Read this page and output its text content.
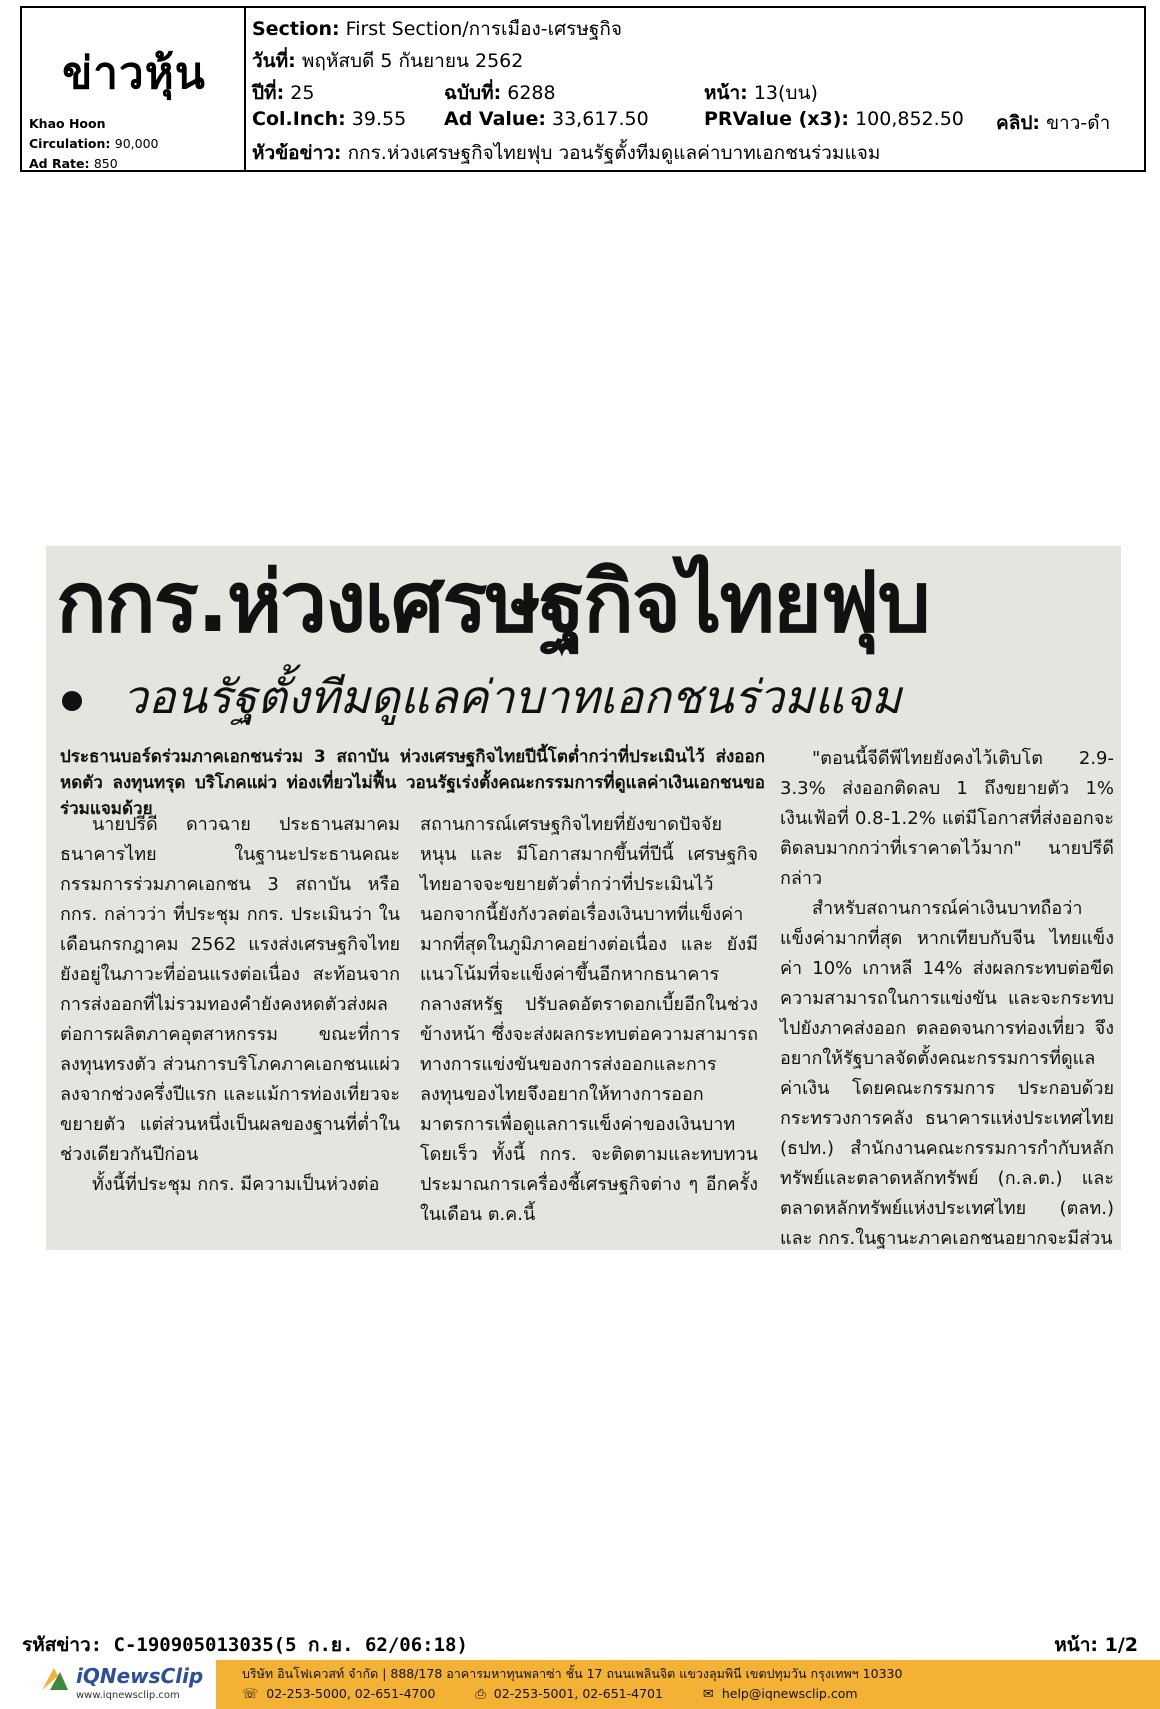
ข่าวหุ้น
Khao Hoon
Circulation: 90,000
Ad Rate: 850
Section: First Section/การเมือง-เศรษฐกิจ
วันที่: พฤหัสบดี 5 กันยายน 2562
ปีที่: 25	ฉบับที่: 6288	หน้า: 13(บน)
Col.Inch: 39.55 Ad Value: 33,617.50	PRValue (x3): 100,852.50 คลิป: ขาว-ดำ
หัวข้อข่าว: กกร.ห่วงเศรษฐกิจไทยฟุบ วอนรัฐตั้งทีมดูแลค่าบาทเอกชนร่วมแจม
กกร.ห่วงเศรษฐกิจไทยฟุบ
วอนรัฐตั้งทีมดูแลค่าบาทเอกชนร่วมแจม
ประธานบอร์ดร่วมภาคเอกชนร่วม 3 สถาบัน ห่วงเศรษฐกิจไทยปีนี้โตต่ำกว่าที่ประเมินไว้ ส่งออกหดตัว ลงทุนทรุด บริโภคแผ่ว ท่องเที่ยวไม่ฟื้น วอนรัฐเร่งตั้งคณะกรรมการที่ดูแลค่าเงินเอกชนขอร่วมแจมด้วย

นายปรีดี ดาวฉาย ประธานสมาคมธนาคารไทย ในฐานะประธานคณะกรรมการร่วมภาคเอกชน 3 สถาบัน หรือ กกร. กล่าวว่า ที่ประชุม กกร. ประเมินว่า ในเดือนกรกฎาคม 2562 แรงส่งเศรษฐกิจไทยยังอยู่ในภาวะที่อ่อนแรงต่อเนื่อง สะท้อนจากการส่งออกที่ไม่รวมทองคำยังคงหดตัวส่งผลต่อการผลิตภาคอุตสาหกรรม ขณะที่การลงทุนทรงตัว ส่วนการบริโภคภาคเอกชนแผ่วลงจากช่วงครึ่งปีแรก และแม้การท่องเที่ยวจะขยายตัว แต่ส่วนหนึ่งเป็นผลของฐานที่ต่ำในช่วงเดียวกันปีก่อน

ทั้งนี้ที่ประชุม กกร. มีความเป็นห่วงต่อ

สถานการณ์เศรษฐกิจไทยที่ยังขาดปัจจัยหนุน และ มีโอกาสมากขึ้นที่ปีนี้ เศรษฐกิจไทยอาจจะขยายตัวต่ำกว่าที่ประเมินไว้ นอกจากนี้ยังกังวลต่อเรื่องเงินบาทที่แข็งค่ามากที่สุดในภูมิภาคอย่างต่อเนื่อง และ ยังมีแนวโน้มที่จะแข็งค่าขึ้นอีกหากธนาคารกลางสหรัฐ ปรับลดอัตราดอกเบี้ยอีกในช่วงข้างหน้า ซึ่งจะส่งผลกระทบต่อความสามารถทางการแข่งขันของการส่งออกและการลงทุนของไทยจึงอยากให้ทางการออกมาตรการเพื่อดูแลการแข็งค่าของเงินบาทโดยเร็ว ทั้งนี้ กกร. จะติดตามและทบทวนประมาณการเครื่องชี้เศรษฐกิจต่าง ๆ อีกครั้งในเดือน ต.ค.นี้

"ตอนนี้จีดีพีไทยยังคงไว้เติบโต 2.9-3.3% ส่งออกติดลบ 1 ถึงขยายตัว 1% เงินเฟ้อที่ 0.8-1.2% แต่มีโอกาสที่ส่งออกจะติดลบมากกว่าที่เราคาดไว้มาก" นายปรีดี กล่าว

สำหรับสถานการณ์ค่าเงินบาทถือว่าแข็งค่ามากที่สุด หากเทียบกับจีน ไทยแข็งค่า 10% เกาหลี 14% ส่งผลกระทบต่อขีดความสามารถในการแข่งขัน และจะกระทบไปยังภาคส่งออก ตลอดจนการท่องเที่ยว จึงอยากให้รัฐบาลจัดตั้งคณะกรรมการที่ดูแลค่าเงิน โดยคณะกรรมการ ประกอบด้วย กระทรวงการคลัง ธนาคารแห่งประเทศไทย (ธปท.) สำนักงานคณะกรรมการกำกับหลักทรัพย์และตลาดหลักทรัพย์ (ก.ล.ต.) และตลาดหลักทรัพย์แห่งประเทศไทย (ตลท.) และ กกร.ในฐานะภาคเอกชนอยากจะมีส่วน

รหัสข่าว: C-190905013035(5 ก.ย. 62/06:18)	หน้า: 1/2
iQNewsClip
www.iqnewsclip.com
บริษัท อินโฟเควสท์ จำกัด | 888/178 อาคารมหาทุนพลาซ่า ชั้น 17 ถนนเพลินจิต แขวงลุมพินี เขตปทุมวัน กรุงเทพฯ 10330
☏ 02-253-5000, 02-651-4700	⎙ 02-253-5001, 02-651-4701	✉ help@iqnewsclip.com
